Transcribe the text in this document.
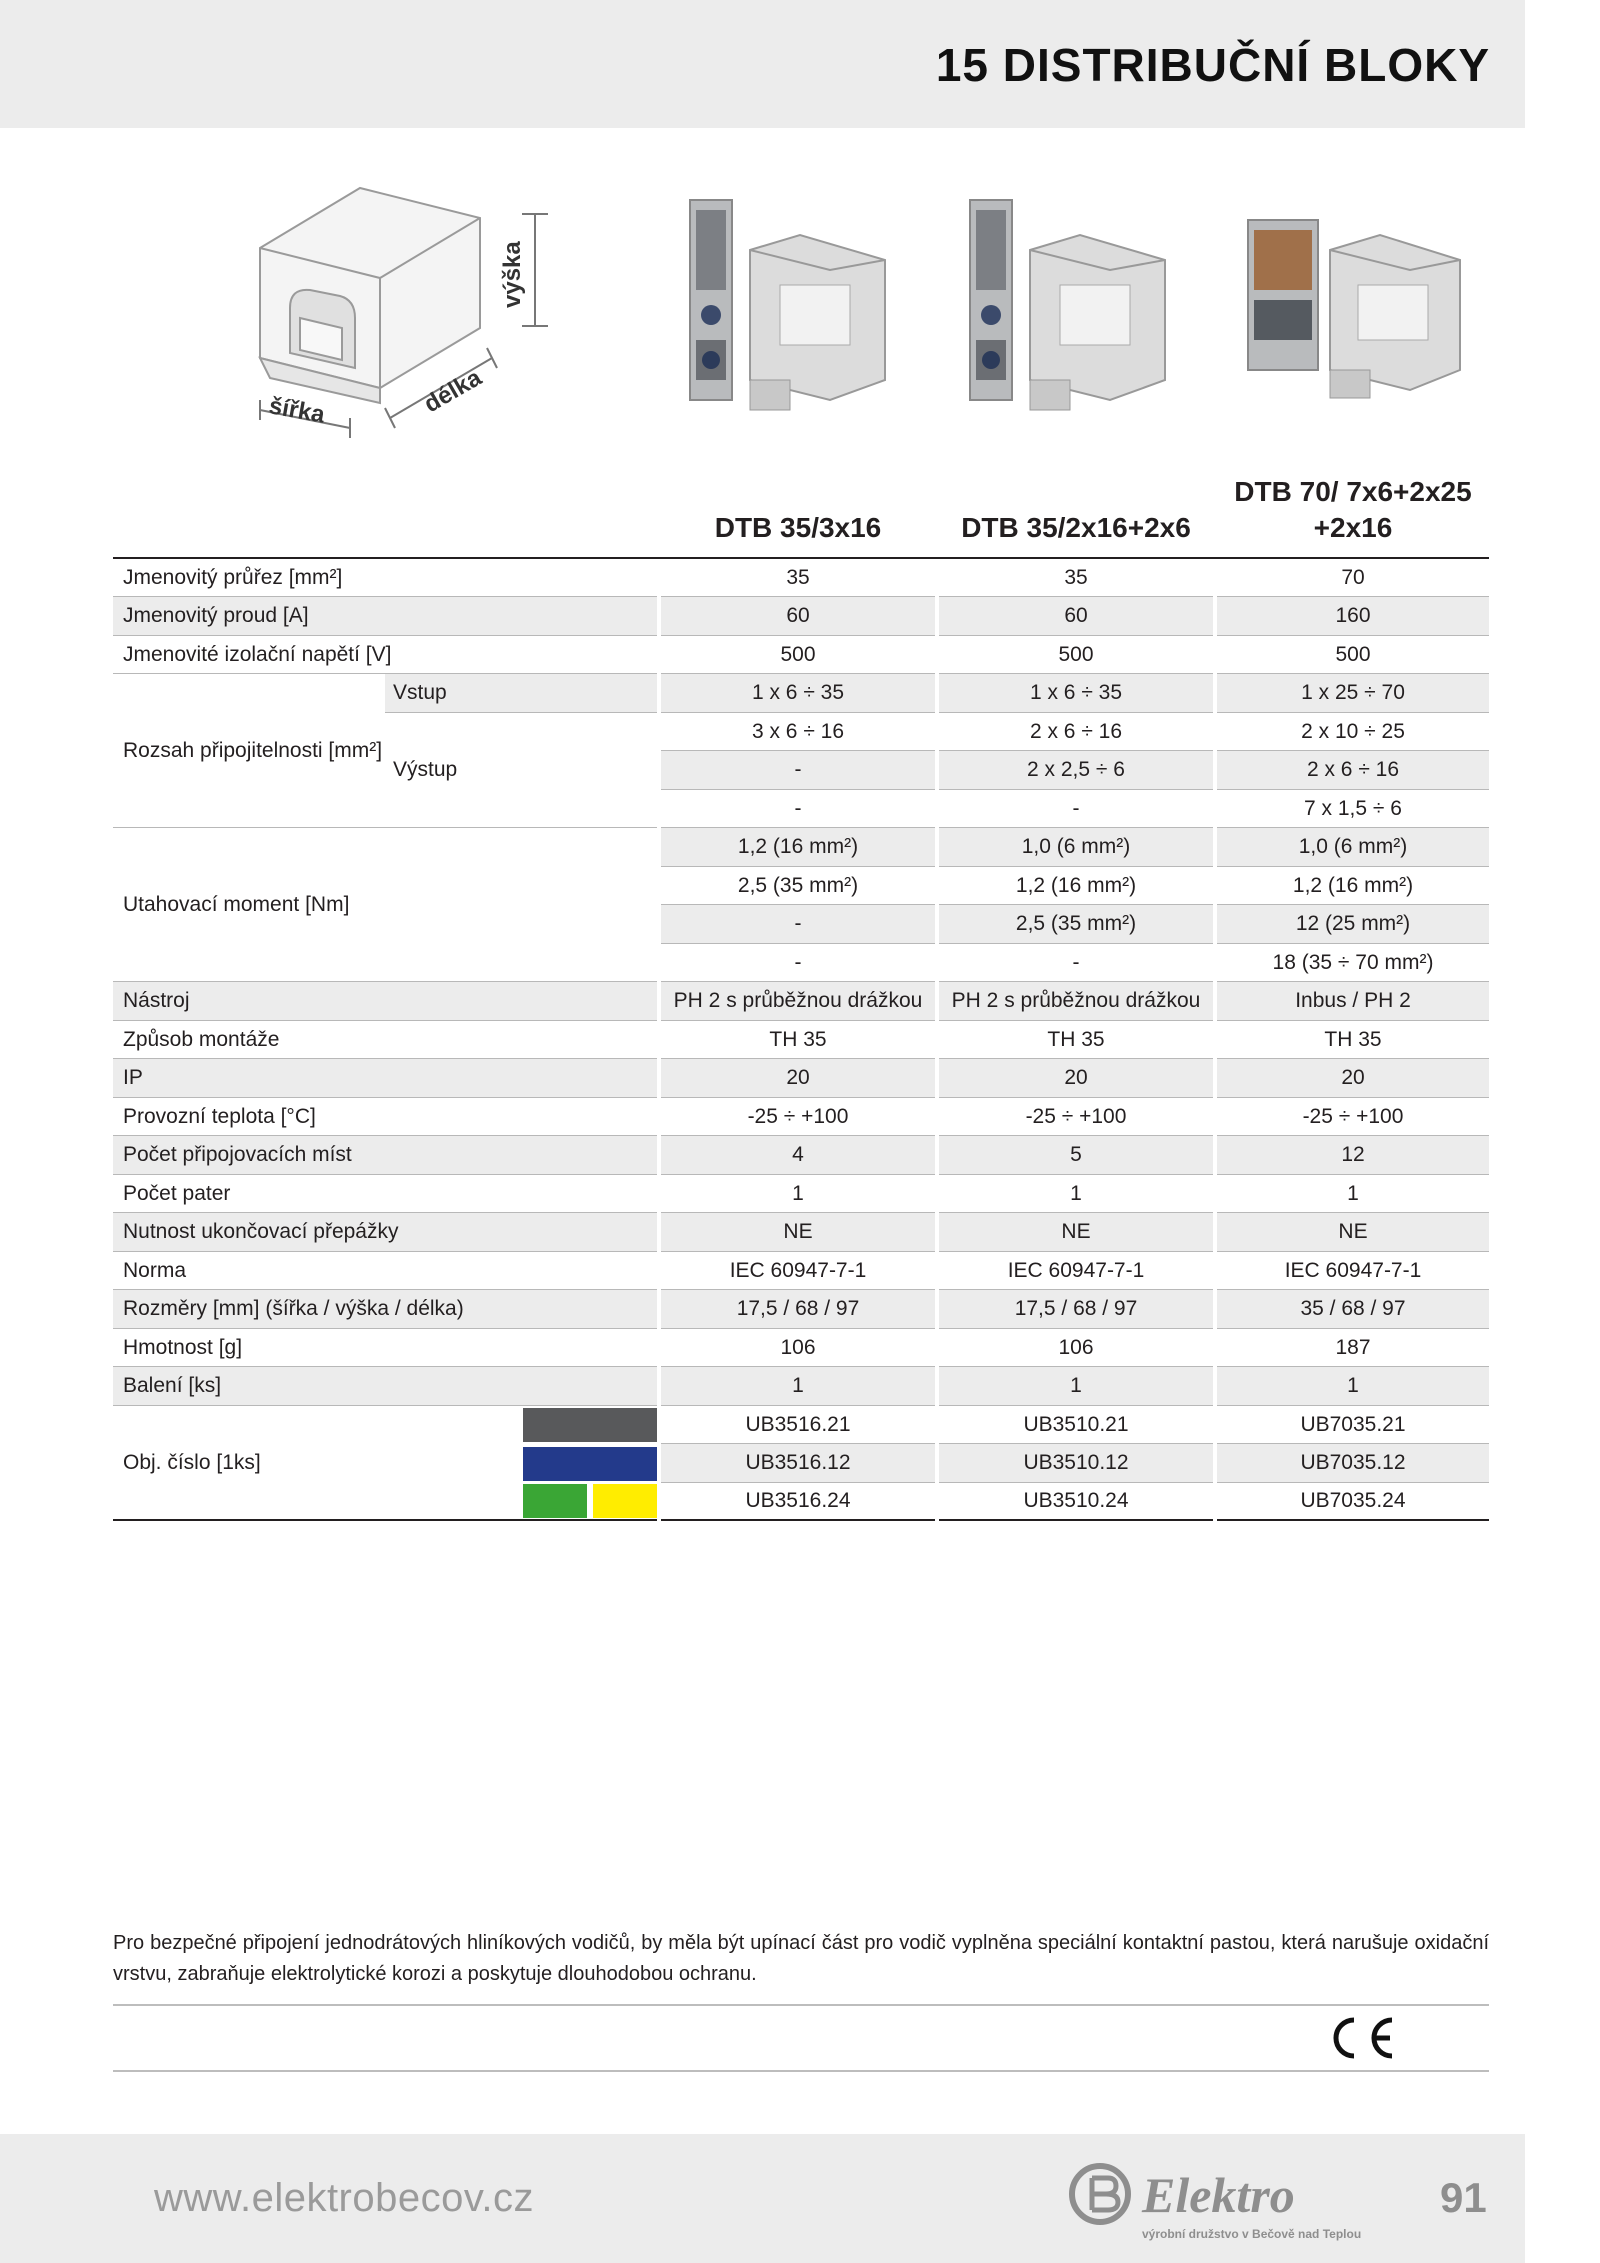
15 DISTRIBUČNÍ BLOKY
výška
délka
šířka
				DTB 35/3x16		DTB 35/2x16+2x6		DTB 70/ 7x6+2x25 +2x16
Jmenovitý průřez [mm²]				35		35		70
Jmenovitý proud [A]				60		60		160
Jmenovité izolační napětí [V]				500		500		500
Rozsah připojitelnosti [mm²]	Vstup			1 x 6 ÷ 35		1 x 6 ÷ 35		1 x 25 ÷ 70
	Výstup			3 x 6 ÷ 16		2 x 6 ÷ 16		2 x 10 ÷ 25
				-		2 x 2,5 ÷ 6		2 x 6 ÷ 16
				-		-		7 x 1,5 ÷ 6
Utahovací moment [Nm]				1,2 (16 mm²)		1,0 (6 mm²)		1,0 (6 mm²)
				2,5 (35 mm²)		1,2 (16 mm²)		1,2 (16 mm²)
				-		2,5 (35 mm²)		12 (25 mm²)
				-		-		18 (35 ÷ 70 mm²)
Nástroj				PH 2 s průběžnou drážkou		PH 2 s průběžnou drážkou		Inbus / PH 2
Způsob montáže				TH 35		TH 35		TH 35
IP				20		20		20
Provozní teplota [°C]				-25 ÷ +100		-25 ÷ +100		-25 ÷ +100
Počet připojovacích míst				4		5		12
Počet pater				1		1		1
Nutnost ukončovací přepážky				NE		NE		NE
Norma				IEC 60947-7-1		IEC 60947-7-1		IEC 60947-7-1
Rozměry [mm] (šířka / výška / délka)				17,5 / 68 / 97		17,5 / 68 / 97		35 / 68 / 97
Hmotnost [g]				106		106		187
Balení [ks]				1		1		1
Obj. číslo [1ks]				UB3516.21		UB3510.21		UB7035.21
				UB3516.12		UB3510.12		UB7035.12
				UB3516.24		UB3510.24		UB7035.24

Pro bezpečné připojení jednodrátových hliníkových vodičů, by měla být upínací část pro vodič vyplněna speciální kontaktní pastou, která narušuje oxidační vrstvu, zabraňuje elektrolytické korozi a poskytuje dlouhodobou ochranu.

www.elektrobecov.cz	Elektro
výrobní družstvo v Bečově nad Teplou
91
